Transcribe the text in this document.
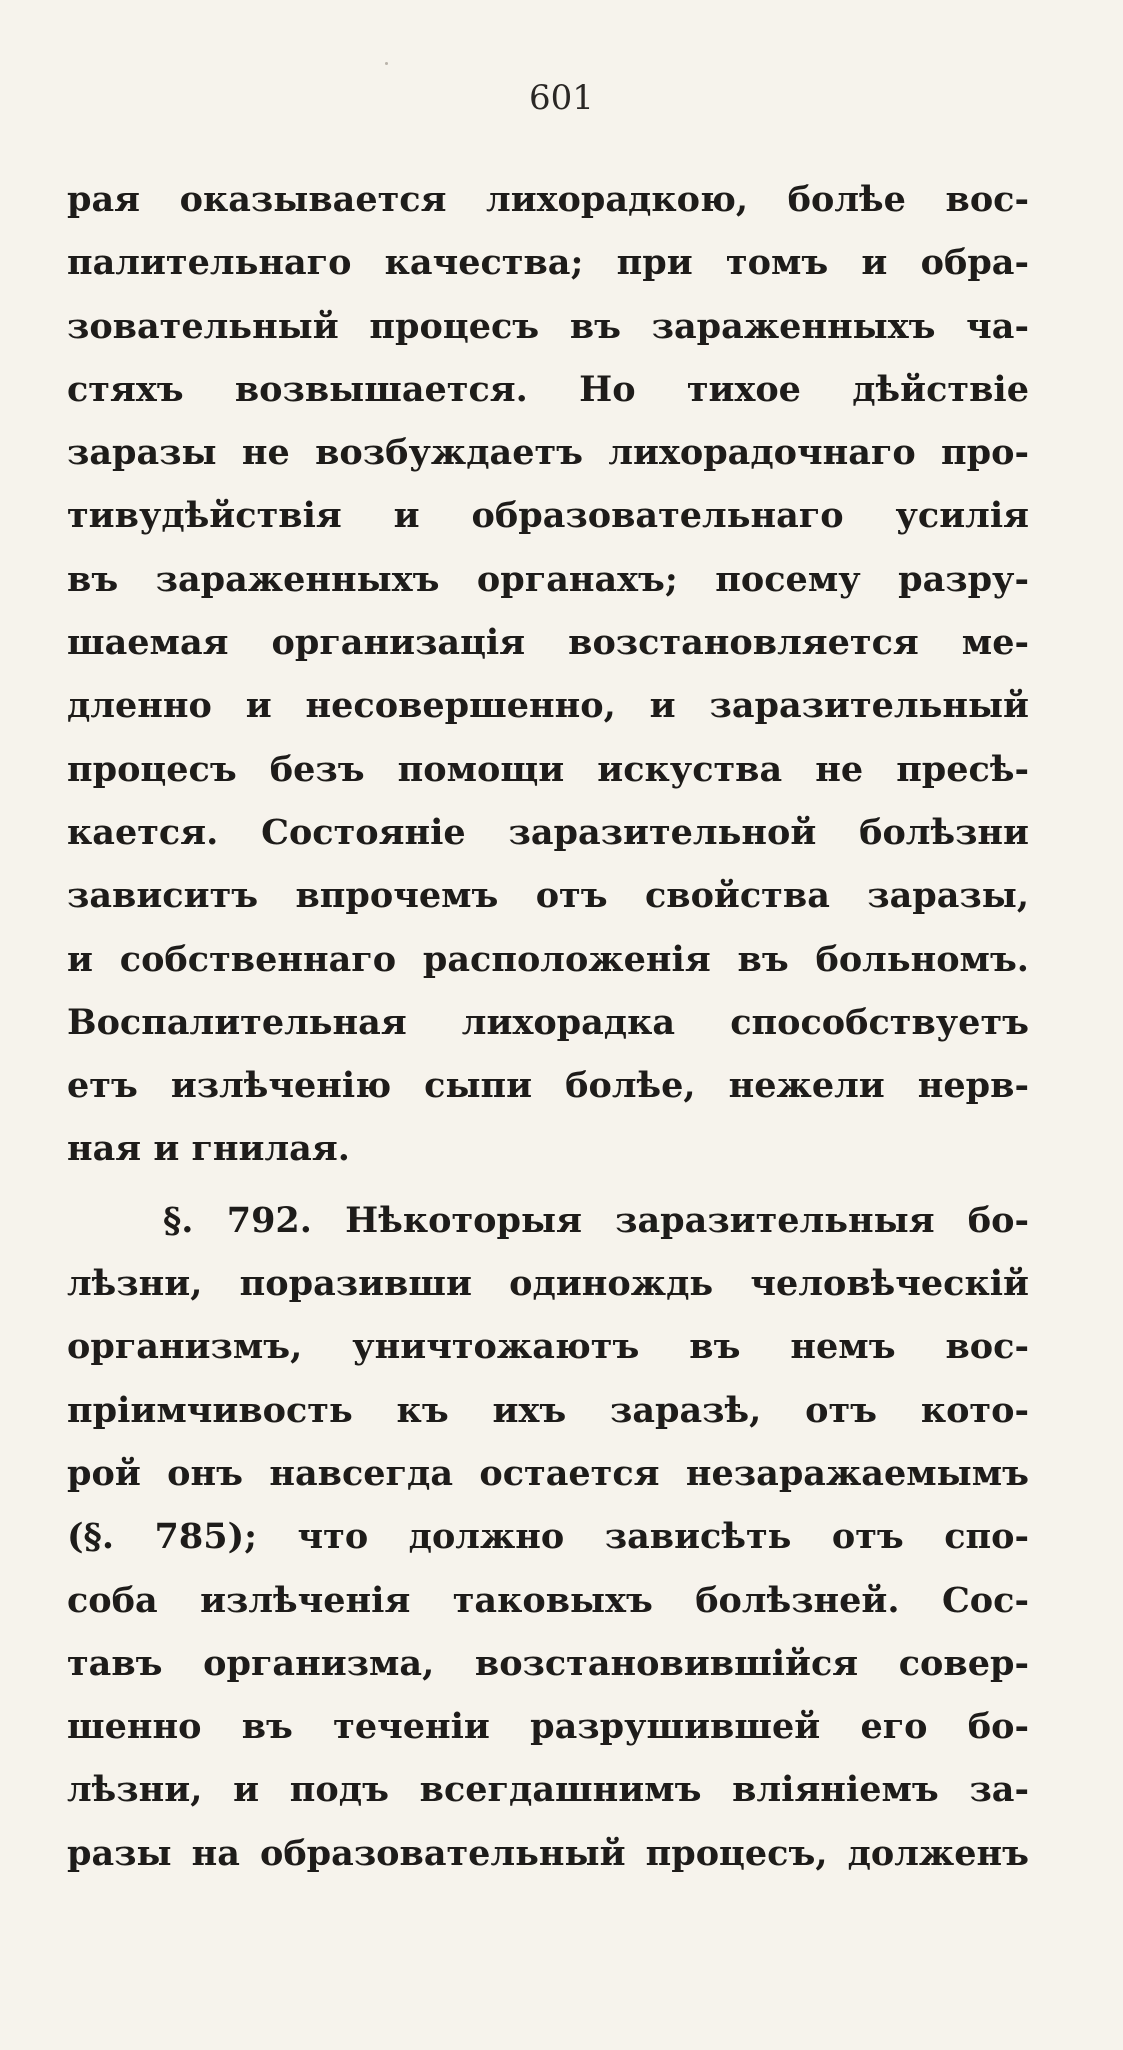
601
рая оказывается лихорадкою, болѣе вос-
палительнаго качества; при томъ и обра-
зовательный процесъ въ зараженныхъ ча-
стяхъ возвышается. Но тихое дѣйствіе
заразы не возбуждаетъ лихорадочнаго про-
тивудѣйствія и образовательнаго усилія
въ зараженныхъ органахъ; посему разру-
шаемая организація возстановляется ме-
дленно и несовершенно, и заразительный
процесъ безъ помощи искуства не пресѣ-
кается. Состояніе заразительной болѣзни
зависитъ впрочемъ отъ свойства заразы,
и собственнаго расположенія въ больномъ.
Воспалительная лихорадка способствуетъ
етъ излѣченію сыпи болѣе, нежели нерв-
ная и гнилая.
§. 792. Нѣкоторыя заразительныя бо-
лѣзни, поразивши одинождь человѣческій
организмъ, уничтожаютъ въ немъ вос-
пріимчивость къ ихъ заразѣ, отъ кото-
рой онъ навсегда остается незаражаемымъ
(§. 785); что должно зависѣть отъ спо-
соба излѣченія таковыхъ болѣзней. Сос-
тавъ организма, возстановившійся совер-
шенно въ теченіи разрушившей его бо-
лѣзни, и подъ всегдашнимъ вліяніемъ за-
разы на образовательный процесъ, долженъ
